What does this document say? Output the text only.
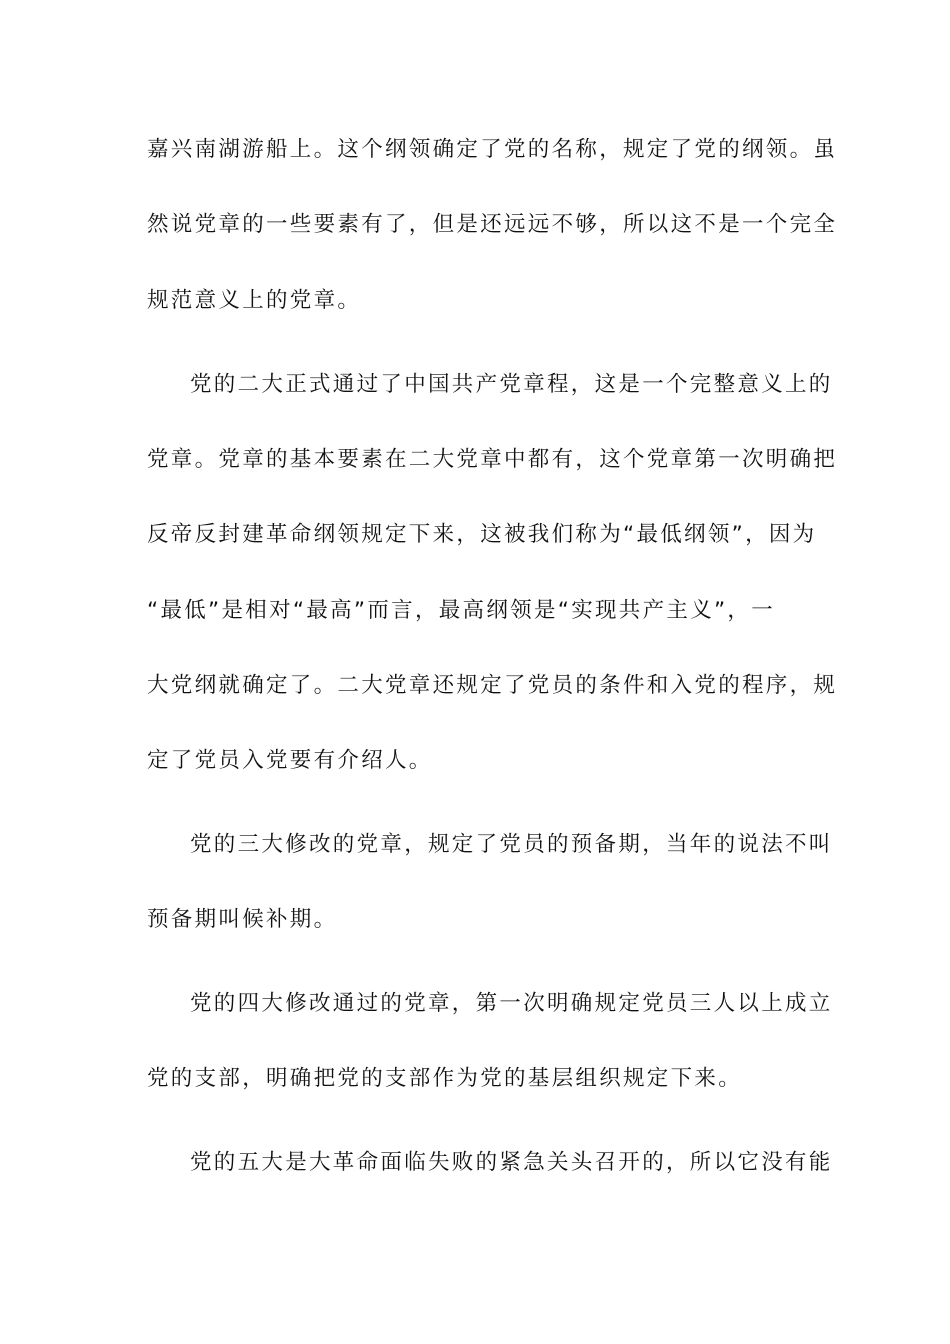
嘉兴南湖游船上。这个纲领确定了党的名称，规定了党的纲领。虽
然说党章的一些要素有了，但是还远远不够，所以这不是一个完全
规范意义上的党章。
党的二大正式通过了中国共产党章程，这是一个完整意义上的
党章。党章的基本要素在二大党章中都有，这个党章第一次明确把
反帝反封建革命纲领规定下来，这被我们称为“最低纲领”，因为
“最低”是相对“最高”而言，最高纲领是“实现共产主义”，一
大党纲就确定了。二大党章还规定了党员的条件和入党的程序，规
定了党员入党要有介绍人。
党的三大修改的党章，规定了党员的预备期，当年的说法不叫
预备期叫候补期。
党的四大修改通过的党章，第一次明确规定党员三人以上成立
党的支部，明确把党的支部作为党的基层组织规定下来。
党的五大是大革命面临失败的紧急关头召开的，所以它没有能
